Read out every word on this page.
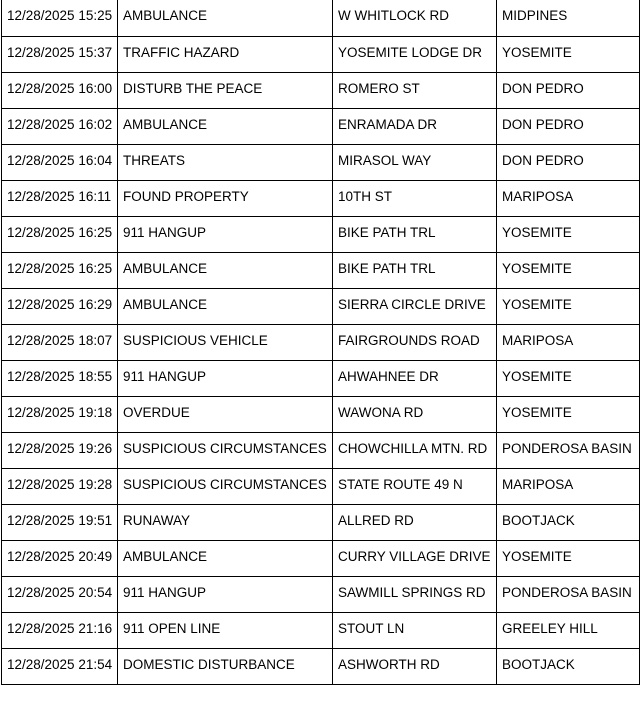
12/28/2025 15:25	AMBULANCE	W WHITLOCK RD	MIDPINES
12/28/2025 15:37	TRAFFIC HAZARD	YOSEMITE LODGE DR	YOSEMITE
12/28/2025 16:00	DISTURB THE PEACE	ROMERO ST	DON PEDRO
12/28/2025 16:02	AMBULANCE	ENRAMADA DR	DON PEDRO
12/28/2025 16:04	THREATS	MIRASOL WAY	DON PEDRO
12/28/2025 16:11	FOUND PROPERTY	10TH ST	MARIPOSA
12/28/2025 16:25	911 HANGUP	BIKE PATH TRL	YOSEMITE
12/28/2025 16:25	AMBULANCE	BIKE PATH TRL	YOSEMITE
12/28/2025 16:29	AMBULANCE	SIERRA CIRCLE DRIVE	YOSEMITE
12/28/2025 18:07	SUSPICIOUS VEHICLE	FAIRGROUNDS ROAD	MARIPOSA
12/28/2025 18:55	911 HANGUP	AHWAHNEE DR	YOSEMITE
12/28/2025 19:18	OVERDUE	WAWONA RD	YOSEMITE
12/28/2025 19:26	SUSPICIOUS CIRCUMSTANCES	CHOWCHILLA MTN. RD	PONDEROSA BASIN
12/28/2025 19:28	SUSPICIOUS CIRCUMSTANCES	STATE ROUTE 49 N	MARIPOSA
12/28/2025 19:51	RUNAWAY	ALLRED RD	BOOTJACK
12/28/2025 20:49	AMBULANCE	CURRY VILLAGE DRIVE	YOSEMITE
12/28/2025 20:54	911 HANGUP	SAWMILL SPRINGS RD	PONDEROSA BASIN
12/28/2025 21:16	911 OPEN LINE	STOUT LN	GREELEY HILL
12/28/2025 21:54	DOMESTIC DISTURBANCE	ASHWORTH RD	BOOTJACK
